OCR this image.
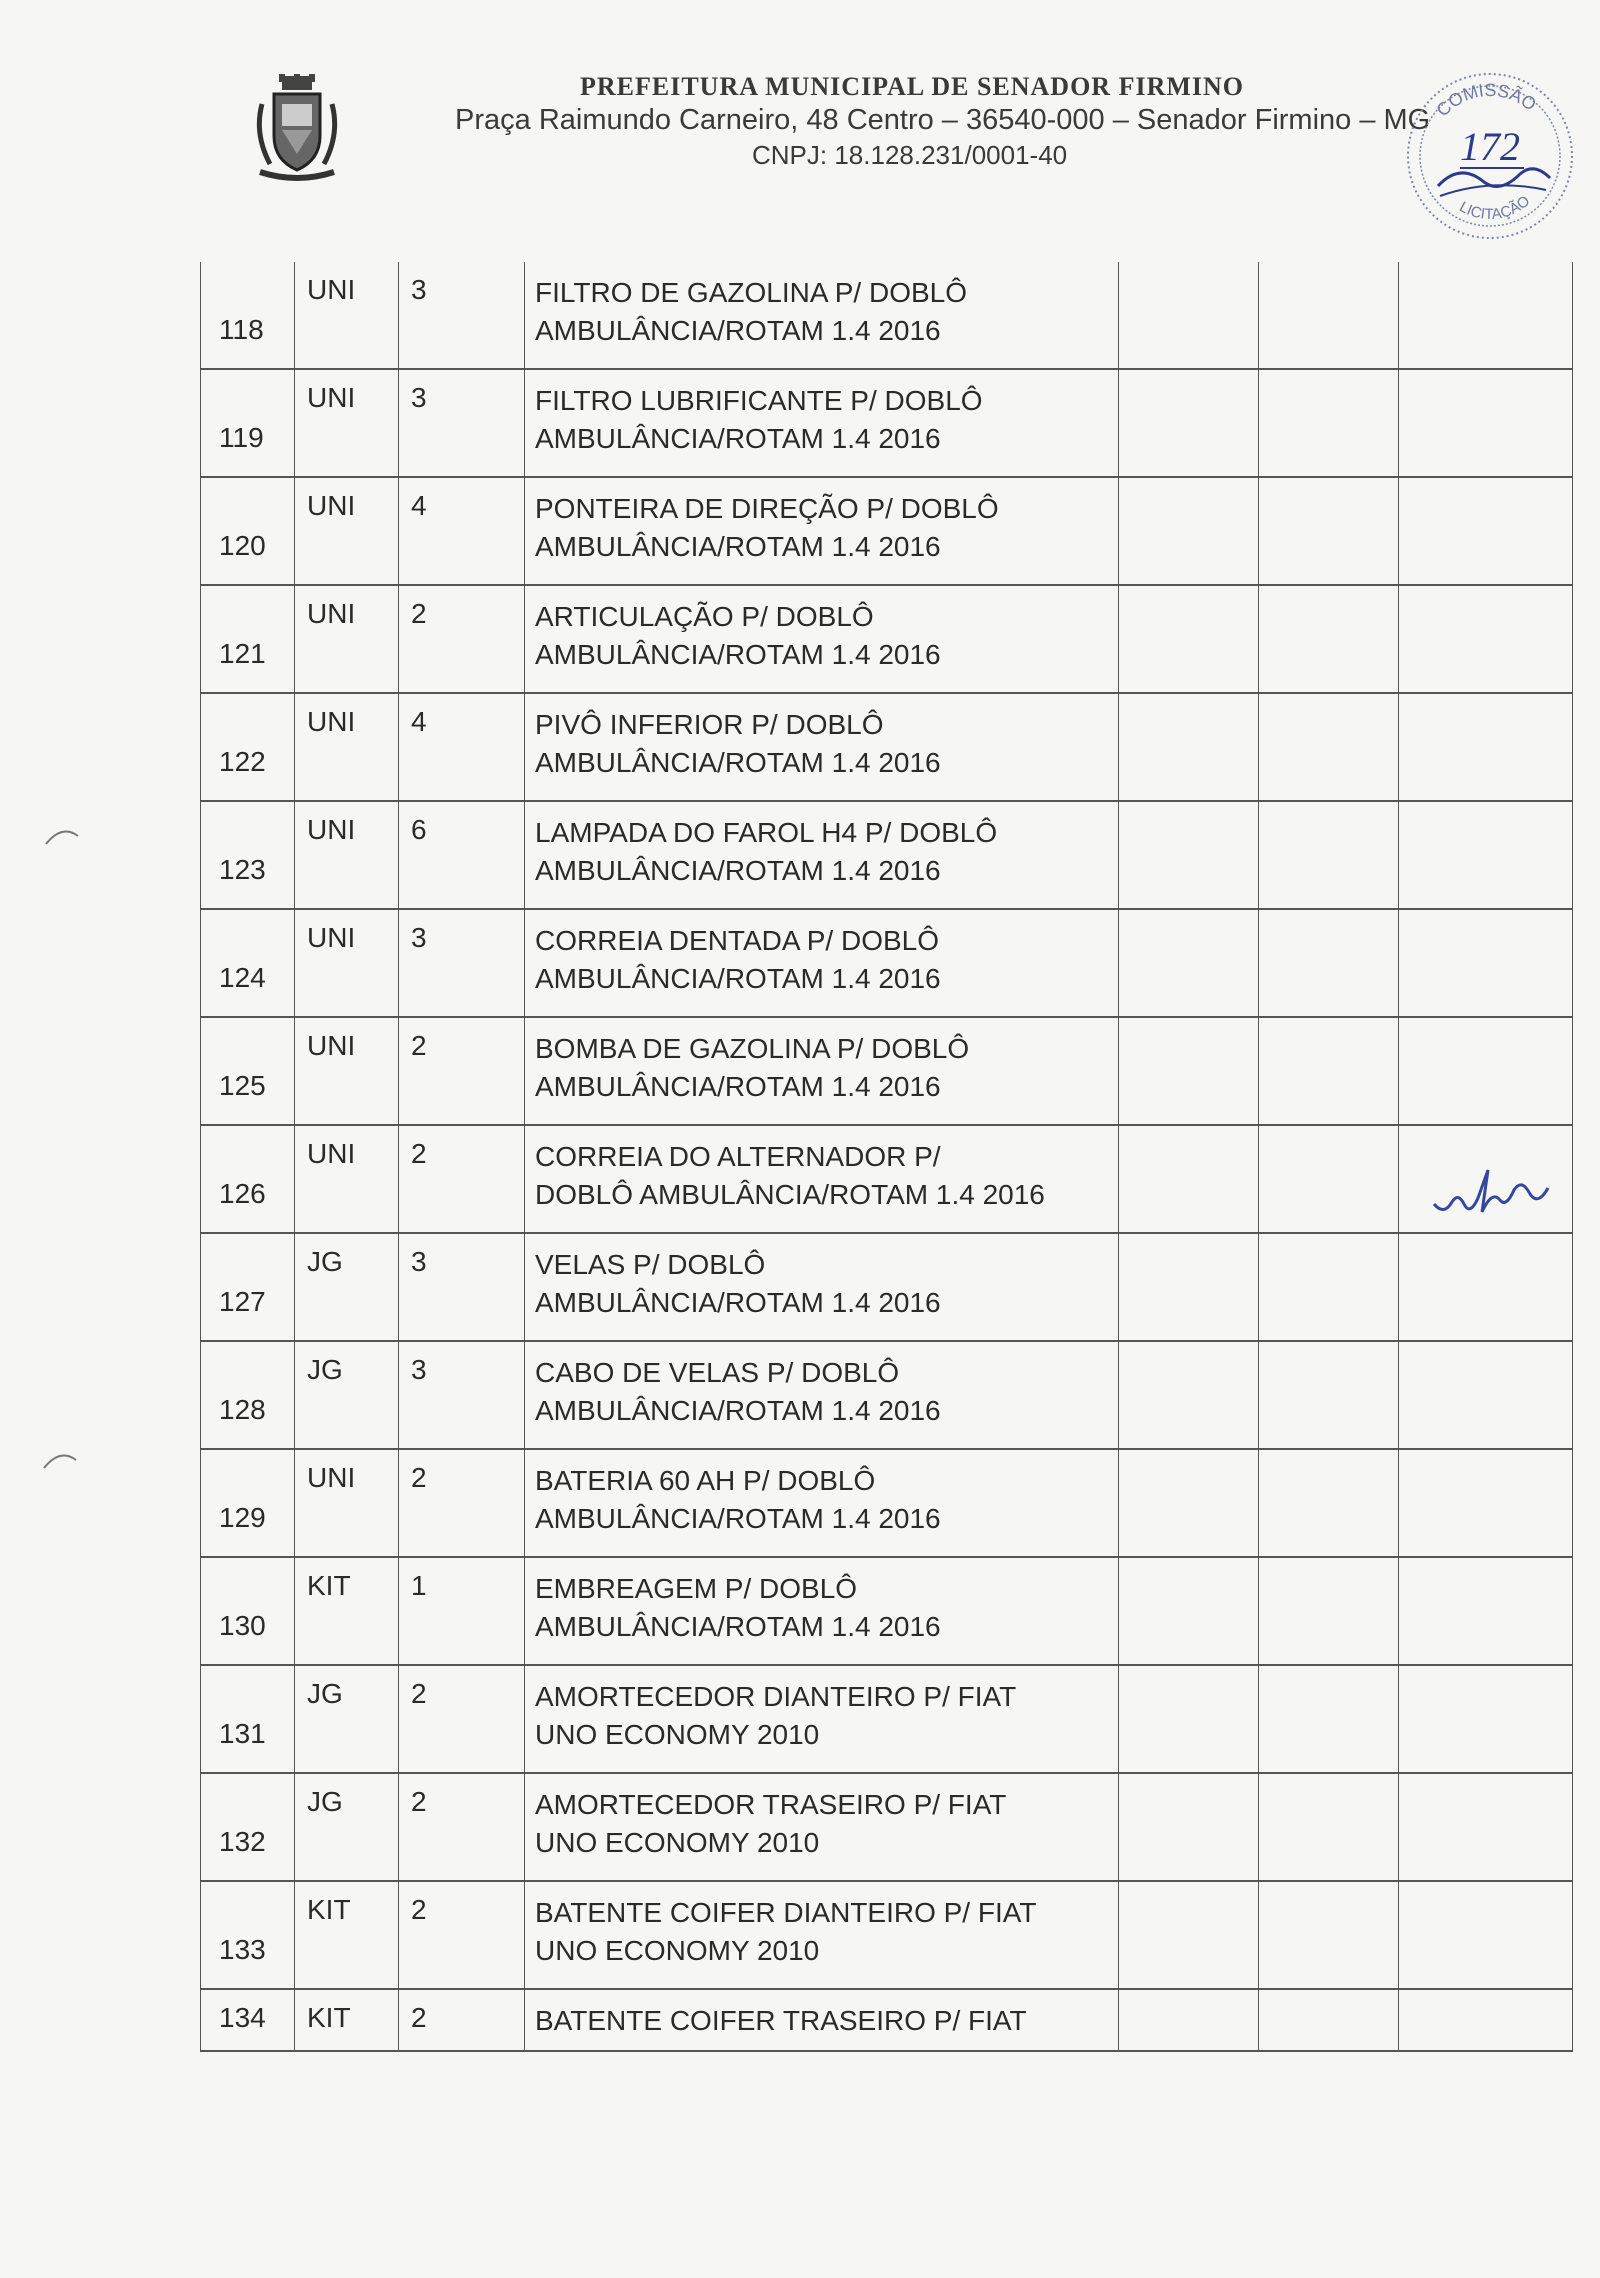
PREFEITURA MUNICIPAL DE SENADOR FIRMINO
Praça Raimundo Carneiro, 48 Centro – 36540-000 – Senador Firmino – MG
CNPJ: 18.128.231/0001-40
COMISSÃO
LICITAÇÃO
172
118	UNI	3	FILTRO DE GAZOLINA P/ DOBLÔ
AMBULÂNCIA/ROTAM 1.4 2016			

119	UNI	3	FILTRO LUBRIFICANTE P/ DOBLÔ
AMBULÂNCIA/ROTAM 1.4 2016			

120	UNI	4	PONTEIRA DE DIREÇÃO P/ DOBLÔ
AMBULÂNCIA/ROTAM 1.4 2016			

121	UNI	2	ARTICULAÇÃO P/ DOBLÔ
AMBULÂNCIA/ROTAM 1.4 2016			

122	UNI	4	PIVÔ INFERIOR P/ DOBLÔ
AMBULÂNCIA/ROTAM 1.4 2016			

123	UNI	6	LAMPADA DO FAROL H4 P/ DOBLÔ
AMBULÂNCIA/ROTAM 1.4 2016			

124	UNI	3	CORREIA DENTADA P/ DOBLÔ
AMBULÂNCIA/ROTAM 1.4 2016			

125	UNI	2	BOMBA DE GAZOLINA P/ DOBLÔ
AMBULÂNCIA/ROTAM 1.4 2016			

126	UNI	2	CORREIA DO ALTERNADOR P/
DOBLÔ AMBULÂNCIA/ROTAM 1.4 2016			

127	JG	3	VELAS P/ DOBLÔ
AMBULÂNCIA/ROTAM 1.4 2016			

128	JG	3	CABO DE VELAS P/ DOBLÔ
AMBULÂNCIA/ROTAM 1.4 2016			

129	UNI	2	BATERIA 60 AH P/ DOBLÔ
AMBULÂNCIA/ROTAM 1.4 2016			

130	KIT	1	EMBREAGEM P/ DOBLÔ
AMBULÂNCIA/ROTAM 1.4 2016			

131	JG	2	AMORTECEDOR DIANTEIRO P/ FIAT
UNO ECONOMY 2010			

132	JG	2	AMORTECEDOR TRASEIRO P/ FIAT
UNO ECONOMY 2010			

133	KIT	2	BATENTE COIFER DIANTEIRO P/ FIAT
UNO ECONOMY 2010			

134	KIT	2	BATENTE COIFER TRASEIRO P/ FIAT			
